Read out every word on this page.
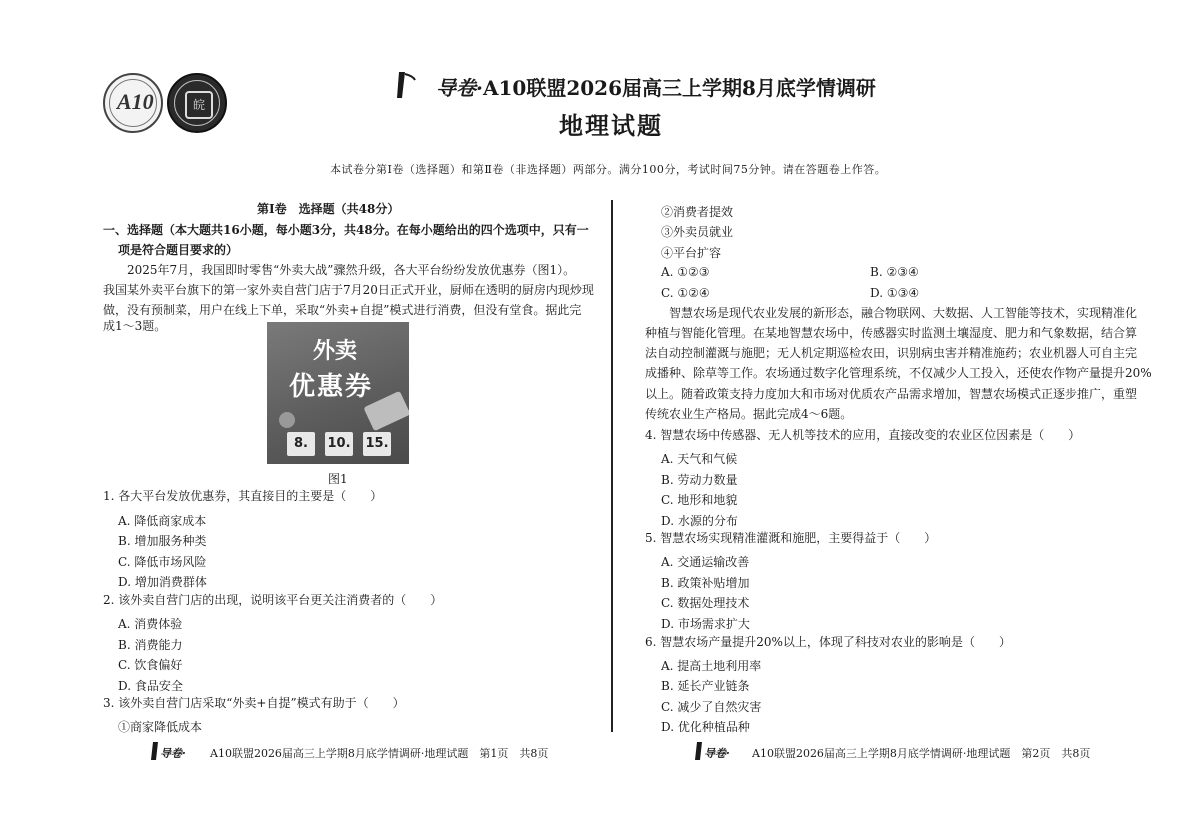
A10	皖
导卷·A10联盟2026届高三上学期8月底学情调研
地理试题
本试卷分第Ⅰ卷（选择题）和第Ⅱ卷（非选择题）两部分。满分100分，考试时间75分钟。请在答题卷上作答。
第Ⅰ卷　选择题（共48分）
一、选择题（本大题共16小题，每小题3分，共48分。在每小题给出的四个选项中，只有一
项是符合题目要求的）
　　2025年7月，我国即时零售“外卖大战”骤然升级，各大平台纷纷发放优惠券（图1）。
我国某外卖平台旗下的第一家外卖自营门店于7月20日正式开业，厨师在透明的厨房内现炒现
做，没有预制菜，用户在线上下单，采取“外卖+自提”模式进行消费，但没有堂食。据此完
成1～3题。
外卖
优惠券
8.	10. 15.
图1
1. 各大平台发放优惠券，其直接目的主要是（　　）
A. 降低商家成本
B. 增加服务种类
C. 降低市场风险
D. 增加消费群体
2. 该外卖自营门店的出现，说明该平台更关注消费者的（　　）
A. 消费体验
B. 消费能力
C. 饮食偏好
D. 食品安全
3. 该外卖自营门店采取“外卖+自提”模式有助于（　　）
①商家降低成本
②消费者提效
③外卖员就业
④平台扩容
A. ①②③	B. ②③④
C. ①②④	D. ①③④
　　智慧农场是现代农业发展的新形态，融合物联网、大数据、人工智能等技术，实现精准化
种植与智能化管理。在某地智慧农场中，传感器实时监测土壤湿度、肥力和气象数据，结合算
法自动控制灌溉与施肥；无人机定期巡检农田，识别病虫害并精准施药；农业机器人可自主完
成播种、除草等工作。农场通过数字化管理系统，不仅减少人工投入，还使农作物产量提升20%
以上。随着政策支持力度加大和市场对优质农产品需求增加，智慧农场模式正逐步推广，重塑
传统农业生产格局。据此完成4～6题。
4. 智慧农场中传感器、无人机等技术的应用，直接改变的农业区位因素是（　　）
A. 天气和气候
B. 劳动力数量
C. 地形和地貌
D. 水源的分布
5. 智慧农场实现精准灌溉和施肥，主要得益于（　　）
A. 交通运输改善
B. 政策补贴增加
C. 数据处理技术
D. 市场需求扩大
6. 智慧农场产量提升20%以上，体现了科技对农业的影响是（　　）
A. 提高土地利用率
B. 延长产业链条
C. 减少了自然灾害
D. 优化种植品种
导卷· A10联盟2026届高三上学期8月底学情调研·地理试题　第1页　共8页	导卷· A10联盟2026届高三上学期8月底学情调研·地理试题　第2页　共8页
